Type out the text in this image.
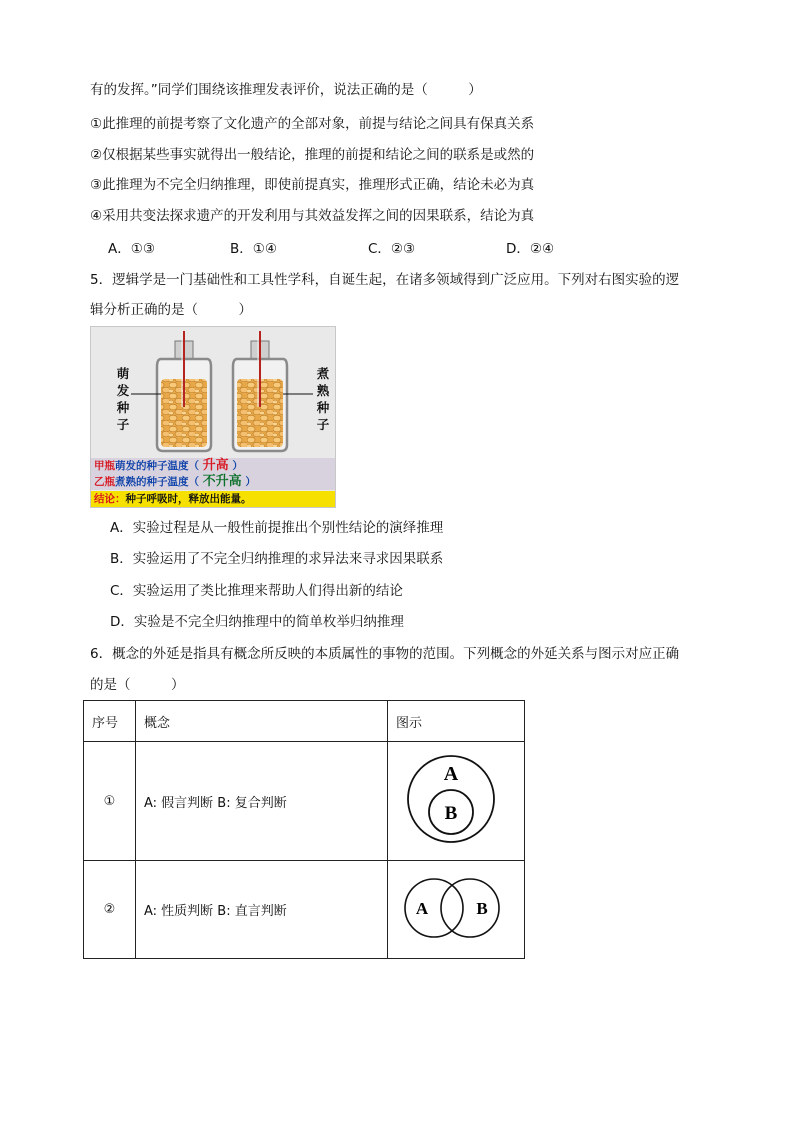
有的发挥。”同学们围绕该推理发表评价，说法正确的是（　　　）
①此推理的前提考察了文化遗产的全部对象，前提与结论之间具有保真关系
②仅根据某些事实就得出一般结论，推理的前提和结论之间的联系是或然的
③此推理为不完全归纳推理，即使前提真实，推理形式正确，结论未必为真
④采用共变法探求遗产的开发利用与其效益发挥之间的因果联系，结论为真
A．①③	B．①④	C．②③	D．②④
5．逻辑学是一门基础性和工具性学科，自诞生起，在诸多领域得到广泛应用。下列对右图实验的逻
辑分析正确的是（　　　）
萌
发
种
子
煮
熟
种
子
甲瓶萌发的种子温度（ 升高 ）
乙瓶煮熟的种子温度（ 不升高 ）
结论：种子呼吸时，释放出能量。
A．实验过程是从一般性前提推出个别性结论的演绎推理
B．实验运用了不完全归纳推理的求异法来寻求因果联系
C．实验运用了类比推理来帮助人们得出新的结论
D．实验是不完全归纳推理中的简单枚举归纳推理
6．概念的外延是指具有概念所反映的本质属性的事物的范围。下列概念的外延关系与图示对应正确
的是（　　　）
序号	概念	图示
①	A: 假言判断 B: 复合判断	A
B

②	A: 性质判断 B: 直言判断	A B
